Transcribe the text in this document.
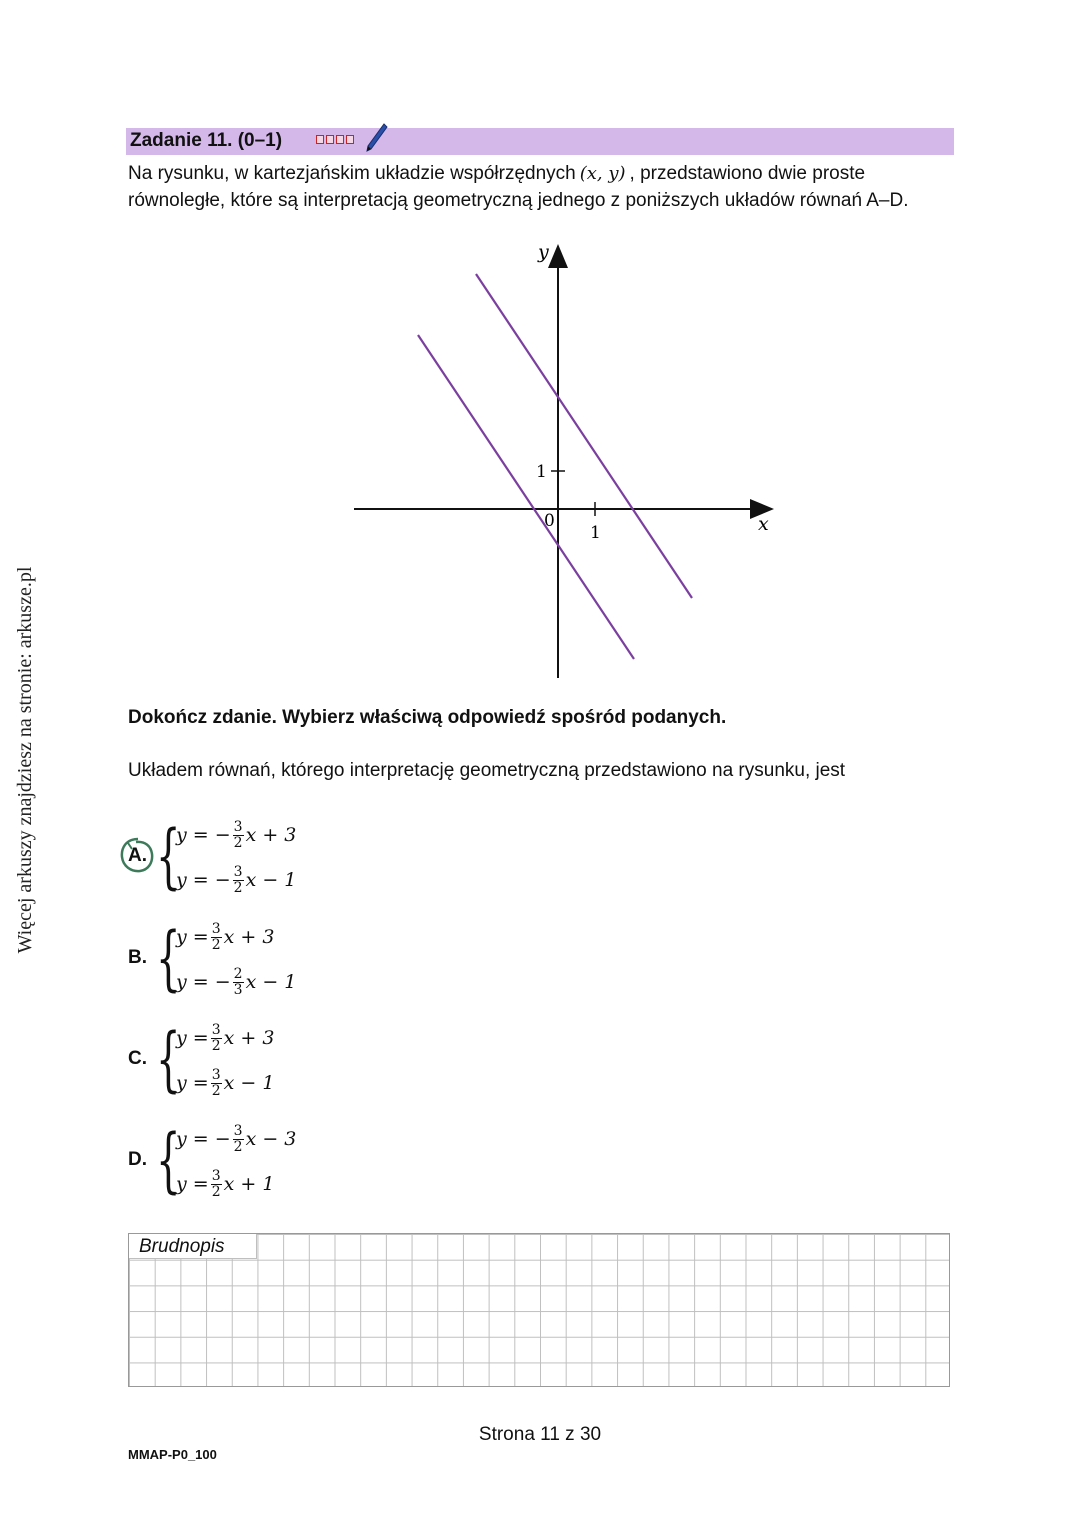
Więcej arkuszy znajdziesz na stronie: arkusze.pl
Zadanie 11. (0–1)
Na rysunku, w kartezjańskim układzie współrzędnych (x, y) , przedstawiono dwie proste
równoległe, które są interpretacją geometryczną jednego z poniższych układów równań A–D.
y
x
0
1
1
Dokończ zdanie. Wybierz właściwą odpowiedź spośród podanych.
Układem równań, którego interpretację geometryczną przedstawiono na rysunku, jest
A. {
y = − $\frac{3}{2}$ x + 3
y = − $\frac{3}{2}$ x − 1
B. {
$y = \frac{3}{2}$ x + 3
y = − $\frac{2}{3}$ x − 1
C. {
$y = \frac{3}{2}$ x + 3
$y = \frac{3}{2}$ x − 1
D. {
y = − $\frac{3}{2}$ x − 3
$y = \frac{3}{2}$ x + 1
Brudnopis
Strona 11 z 30
MMAP-P0_100
